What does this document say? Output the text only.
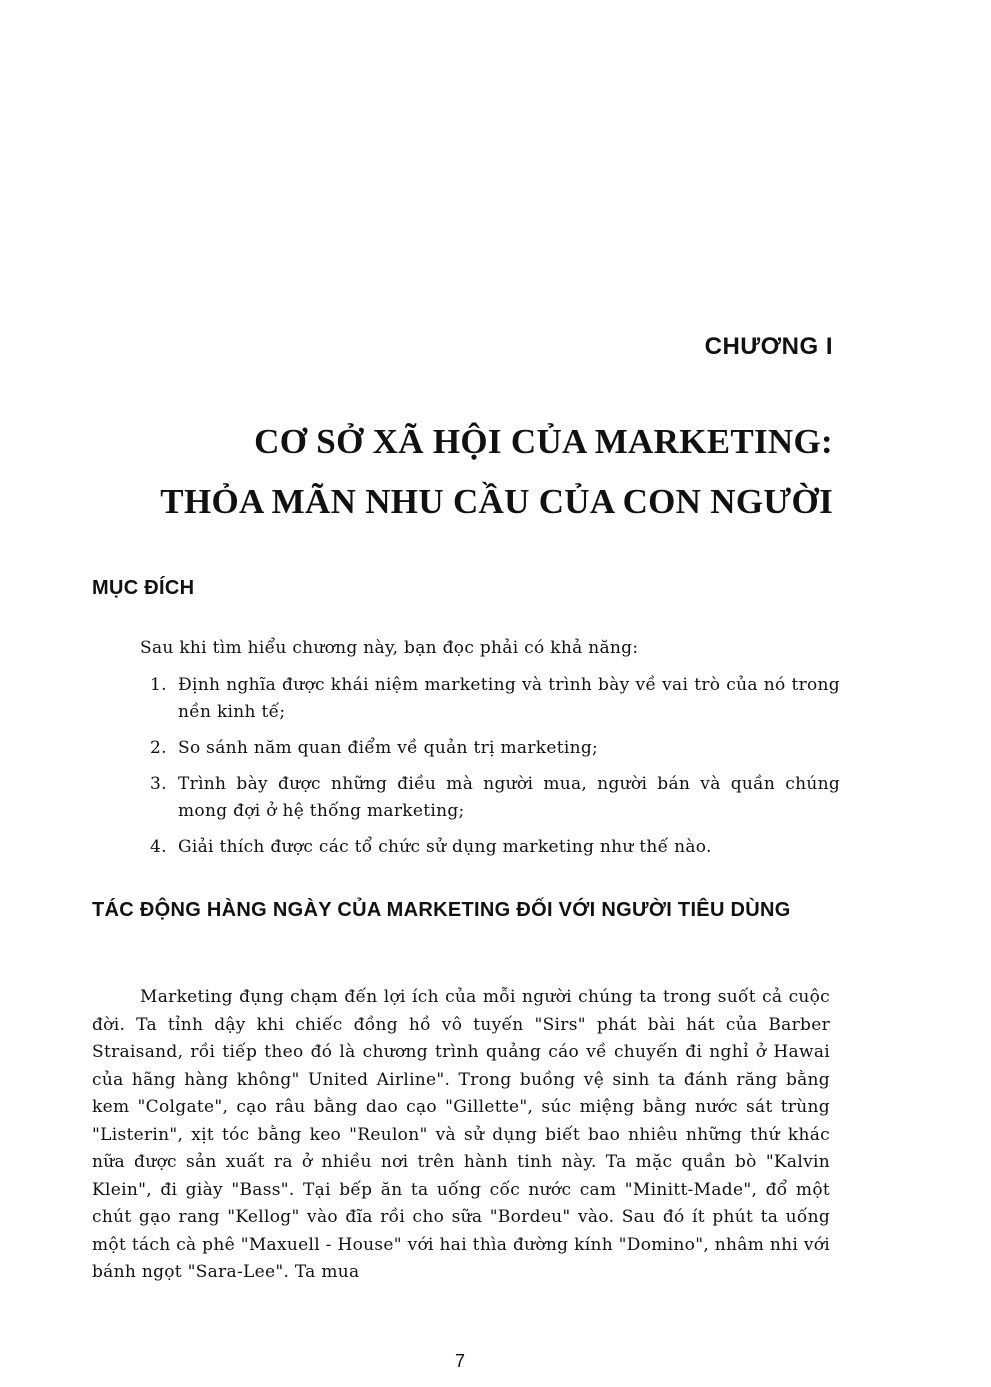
CHƯƠNG I
CƠ SỞ XÃ HỘI CỦA MARKETING:
THỎA MÃN NHU CẦU CỦA CON NGƯỜI
MỤC ĐÍCH

Sau khi tìm hiểu chương này, bạn đọc phải có khả năng:

1. Định nghĩa được khái niệm marketing và trình bày về vai trò của nó trong nền kinh tế;
2. So sánh năm quan điểm về quản trị marketing;
3. Trình bày được những điều mà người mua, người bán và quần chúng mong đợi ở hệ thống marketing;
4. Giải thích được các tổ chức sử dụng marketing như thế nào.
TÁC ĐỘNG HÀNG NGÀY CỦA MARKETING ĐỐI VỚI NGƯỜI TIÊU DÙNG

Marketing đụng chạm đến lợi ích của mỗi người chúng ta trong suốt cả cuộc đời. Ta tỉnh dậy khi chiếc đồng hồ vô tuyến "Sirs" phát bài hát của Barber Straisand, rồi tiếp theo đó là chương trình quảng cáo về chuyến đi nghỉ ở Hawai của hãng hàng không" United Airline". Trong buồng vệ sinh ta đánh răng bằng kem "Colgate", cạo râu bằng dao cạo "Gillette", súc miệng bằng nước sát trùng "Listerin", xịt tóc bằng keo "Reulon" và sử dụng biết bao nhiêu những thứ khác nữa được sản xuất ra ở nhiều nơi trên hành tinh này. Ta mặc quần bò "Kalvin Klein", đi giày "Bass". Tại bếp ăn ta uống cốc nước cam "Minitt-Made", đổ một chút gạo rang "Kellog" vào đĩa rồi cho sữa "Bordeu" vào. Sau đó ít phút ta uống một tách cà phê "Maxuell - House" với hai thìa đường kính "Domino", nhâm nhi với bánh ngọt "Sara-Lee". Ta mua

7
